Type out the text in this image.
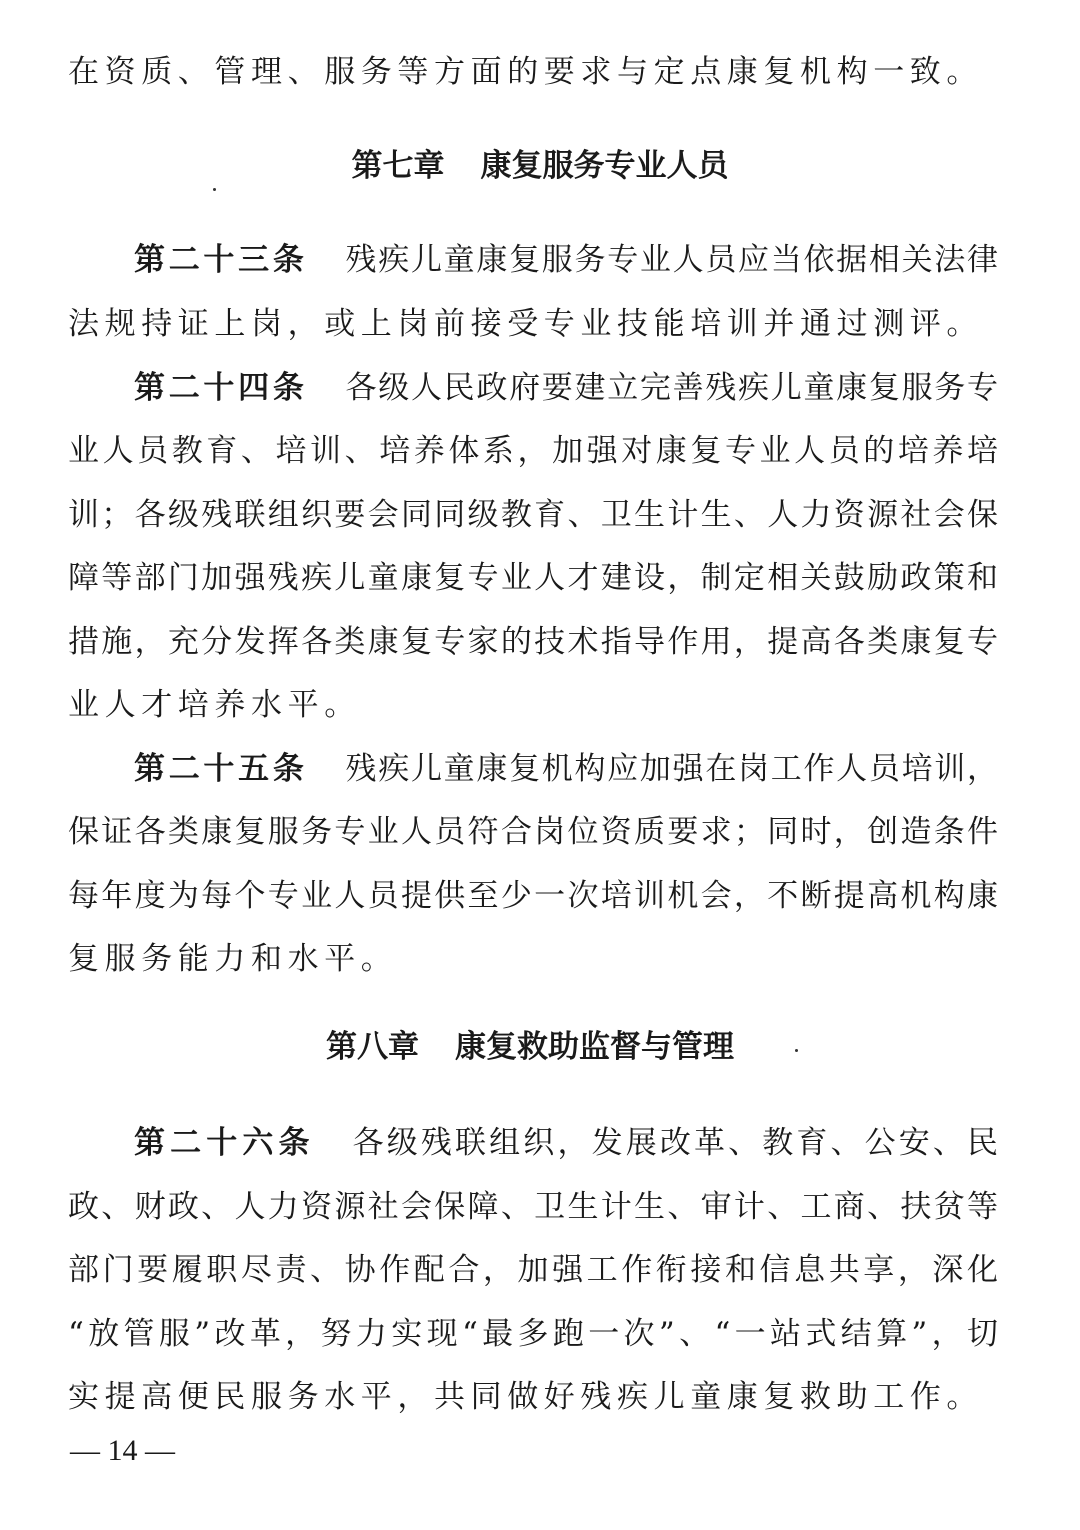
在资质、管理、服务等方面的要求与定点康复机构一致。
第七章 康复服务专业人员
第二十三条 残疾儿童康复服务专业人员应当依据相关法律
法规持证上岗，或上岗前接受专业技能培训并通过测评。
第二十四条 各级人民政府要建立完善残疾儿童康复服务专
业人员教育、培训、培养体系，加强对康复专业人员的培养培
训；各级残联组织要会同同级教育、卫生计生、人力资源社会保
障等部门加强残疾儿童康复专业人才建设，制定相关鼓励政策和
措施，充分发挥各类康复专家的技术指导作用，提高各类康复专
业人才培养水平。
第二十五条 残疾儿童康复机构应加强在岗工作人员培训，
保证各类康复服务专业人员符合岗位资质要求；同时，创造条件
每年度为每个专业人员提供至少一次培训机会，不断提高机构康
复服务能力和水平。
第八章 康复救助监督与管理
第二十六条 各级残联组织，发展改革、教育、公安、民
政、财政、人力资源社会保障、卫生计生、审计、工商、扶贫等
部门要履职尽责、协作配合，加强工作衔接和信息共享，深化
“放管服”改革，努力实现“最多跑一次”、“一站式结算”，切
实提高便民服务水平，共同做好残疾儿童康复救助工作。
— 14 —
